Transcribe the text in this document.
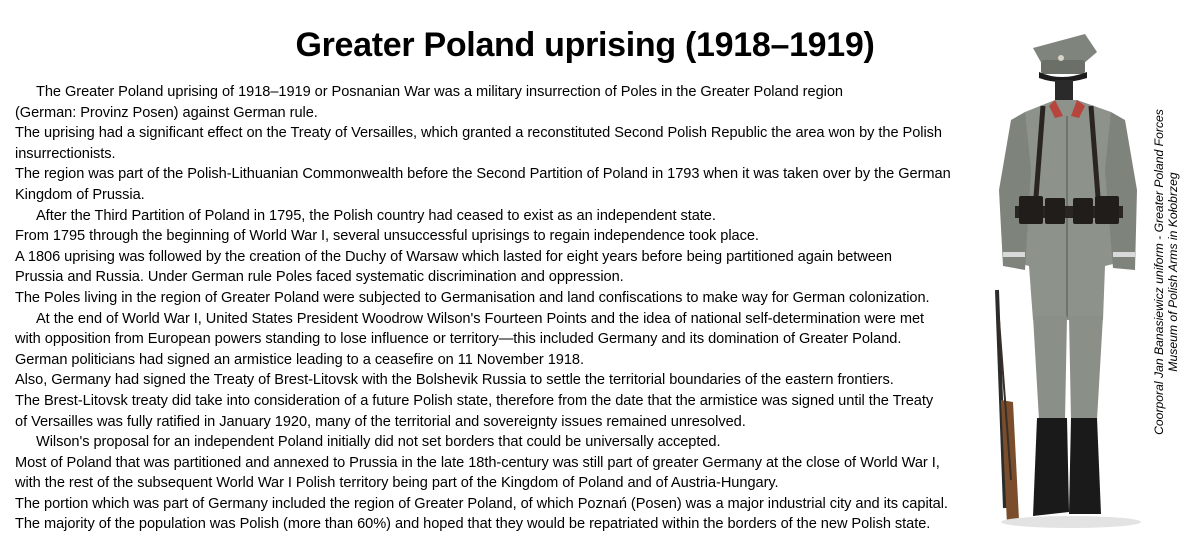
Greater Poland uprising (1918–1919)
The Greater Poland uprising of 1918–1919 or Posnanian War was a military insurrection of Poles in the Greater Poland region
(German: Provinz Posen) against German rule.
The uprising had a significant effect on the Treaty of Versailles, which granted a reconstituted Second Polish Republic the area won by the Polish
insurrectionists.
The region was part of the Polish-Lithuanian Commonwealth before the Second Partition of Poland in 1793 when it was taken over by the German
Kingdom of Prussia.
After the Third Partition of Poland in 1795, the Polish country had ceased to exist as an independent state.
From 1795 through the beginning of World War I, several unsuccessful uprisings to regain independence took place.
A 1806 uprising was followed by the creation of the Duchy of Warsaw which lasted for eight years before being partitioned again between
Prussia and Russia. Under German rule Poles faced systematic discrimination and oppression.
The Poles living in the region of Greater Poland were subjected to Germanisation and land confiscations to make way for German colonization.
At the end of World War I, United States President Woodrow Wilson's Fourteen Points and the idea of national self-determination were met
with opposition from European powers standing to lose influence or territory—this included Germany and its domination of Greater Poland.
German politicians had signed an armistice leading to a ceasefire on 11 November 1918.
Also, Germany had signed the Treaty of Brest-Litovsk with the Bolshevik Russia to settle the territorial boundaries of the eastern frontiers.
The Brest-Litovsk treaty did take into consideration of a future Polish state, therefore from the date that the armistice was signed until the Treaty
of Versailles was fully ratified in January 1920, many of the territorial and sovereignty issues remained unresolved.
Wilson's proposal for an independent Poland initially did not set borders that could be universally accepted.
Most of Poland that was partitioned and annexed to Prussia in the late 18th-century was still part of greater Germany at the close of World War I,
with the rest of the subsequent World War I Polish territory being part of the Kingdom of Poland and of Austria-Hungary.
The portion which was part of Germany included the region of Greater Poland, of which Poznań (Posen) was a major industrial city and its capital.
The majority of the population was Polish (more than 60%) and hoped that they would be repatriated within the borders of the new Polish state.
Coorporal Jan Banasiewicz uniform - Greater Poland Forces Museum of Polish Arms in Kołobrzeg
